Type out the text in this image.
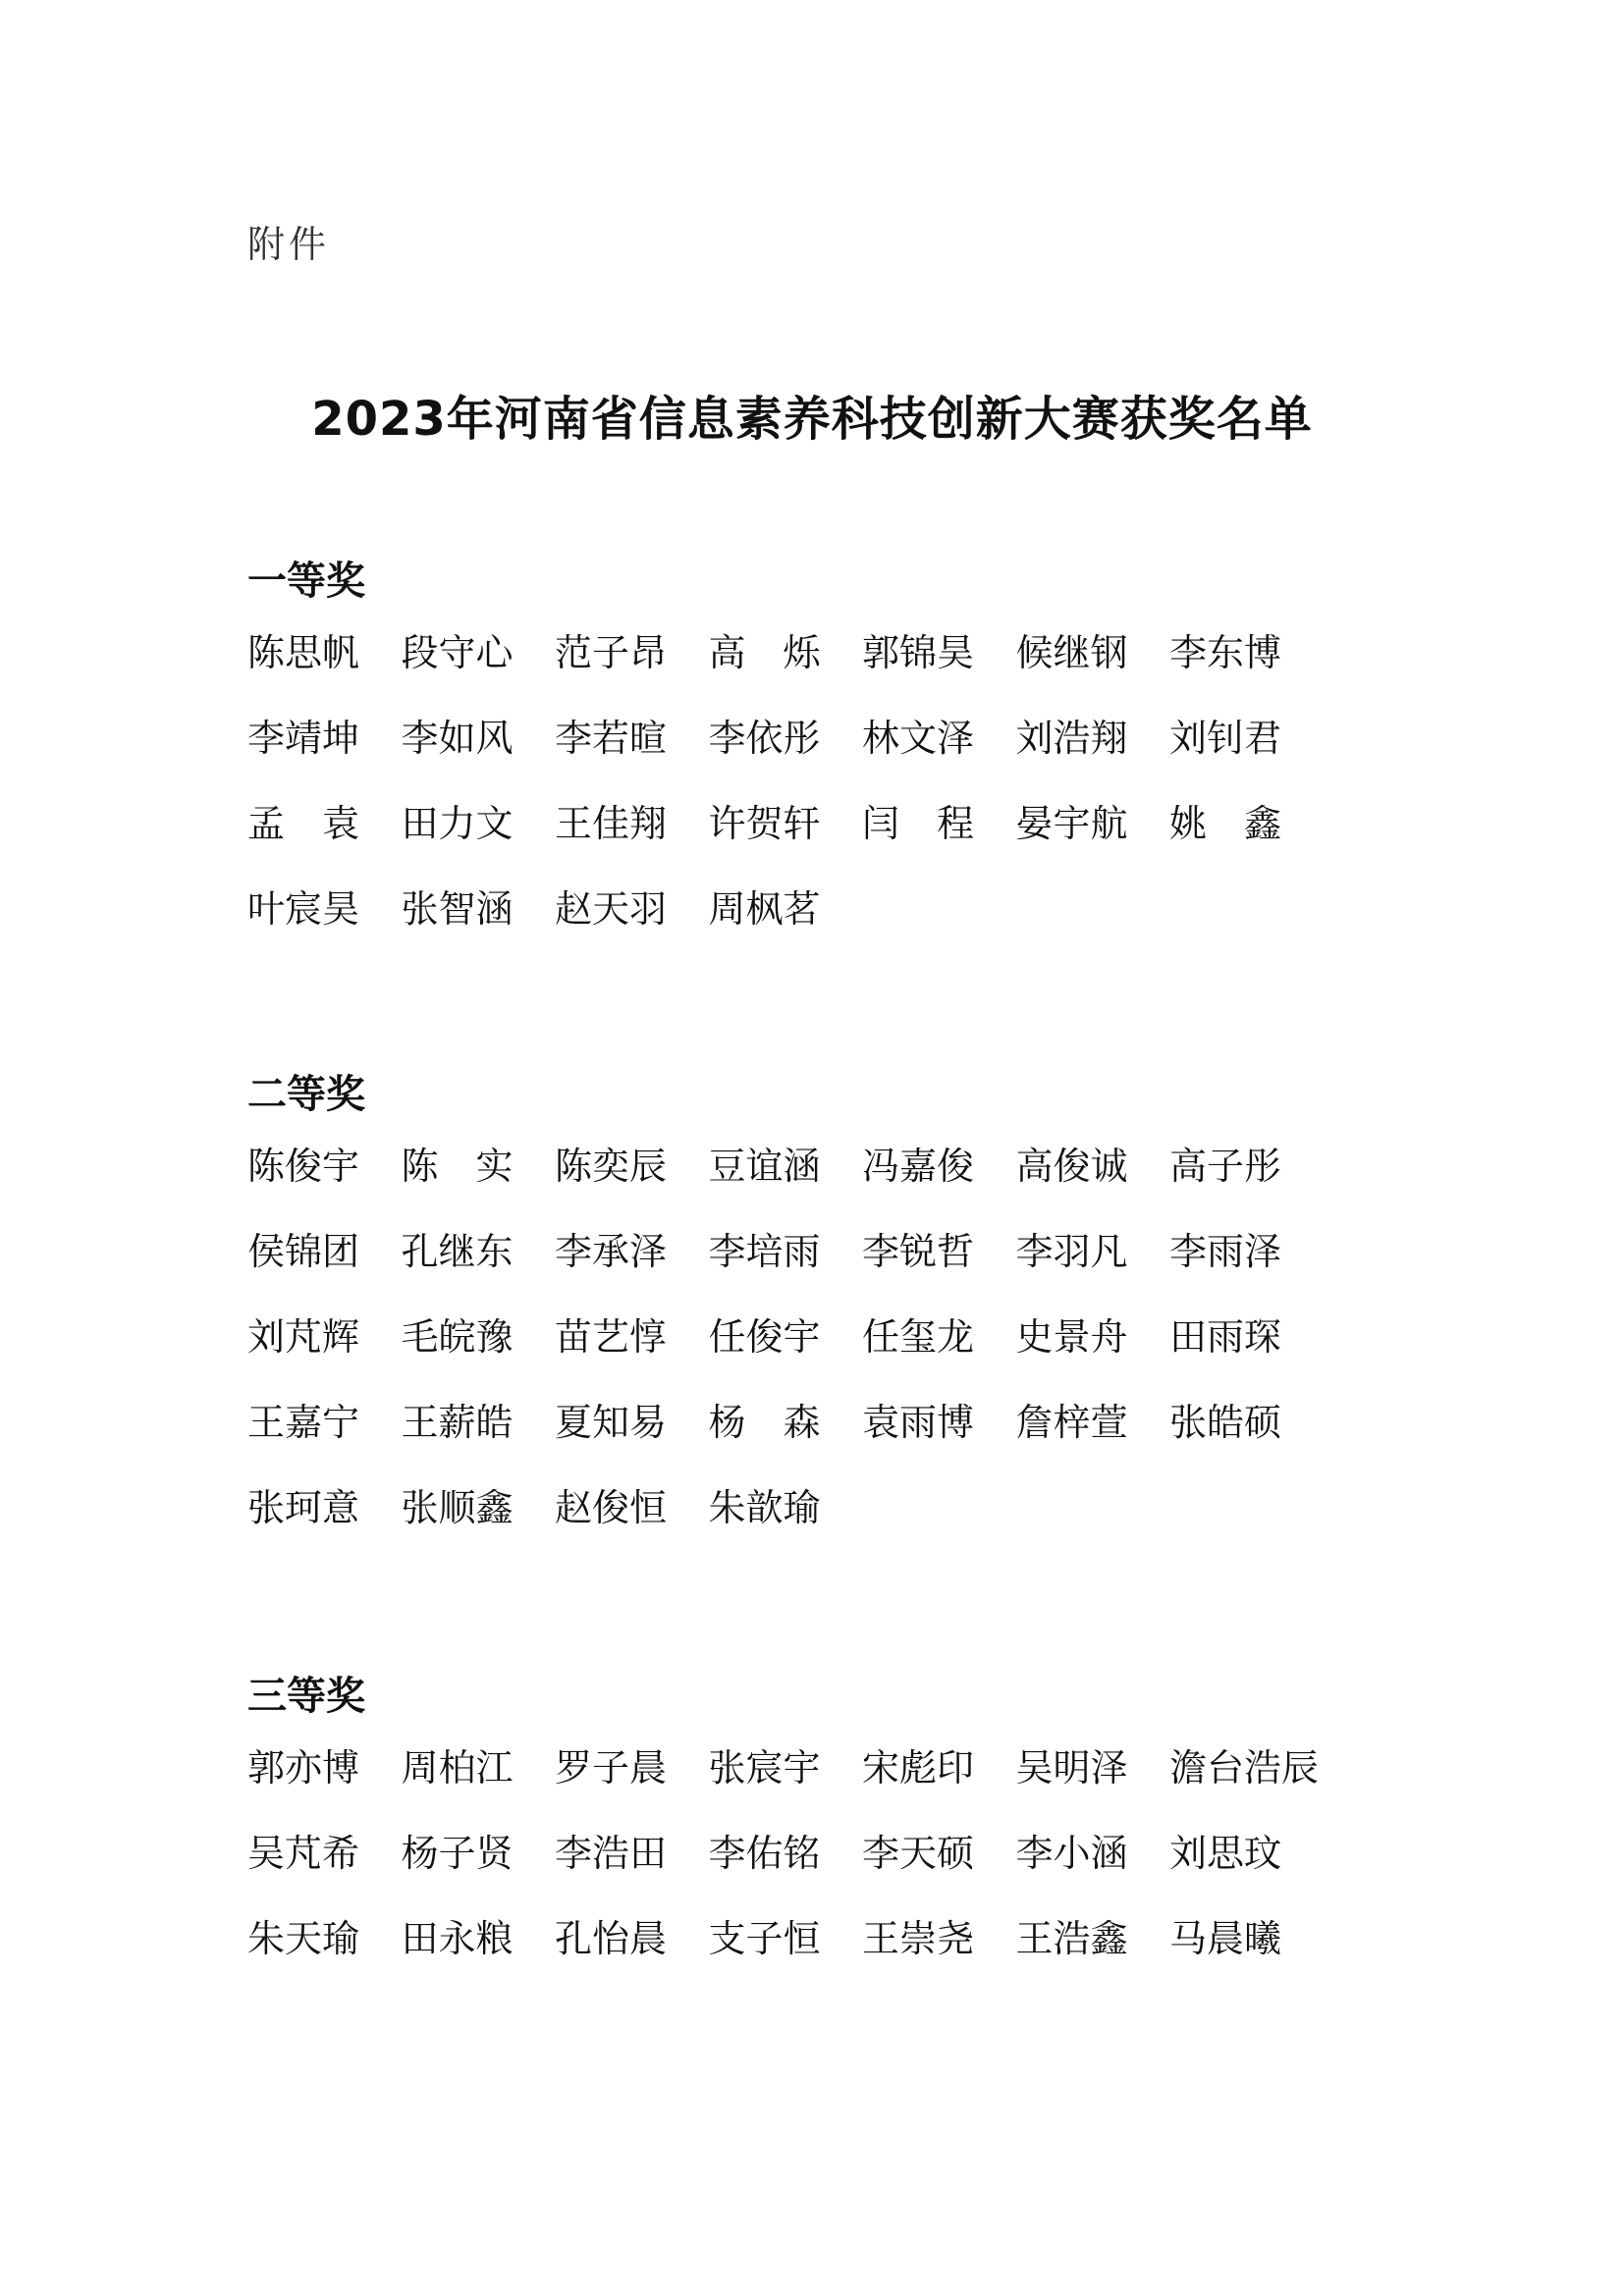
附件
2023年河南省信息素养科技创新大赛获奖名单
一等奖
陈思帆	段守心	范子昂	高　烁	郭锦昊	候继钢	李东博
李靖坤	李如风	李若暄	李依彤	林文泽	刘浩翔	刘钊君
孟　袁	田力文	王佳翔	许贺轩	闫　程	晏宇航	姚　鑫
叶宸昊	张智涵	赵天羽	周枫茗
二等奖
陈俊宇	陈　实	陈奕辰	豆谊涵	冯嘉俊	高俊诚	高子彤
侯锦团	孔继东	李承泽	李培雨	李锐哲	李羽凡	李雨泽
刘芃辉	毛皖豫	苗艺惇	任俊宇	任玺龙	史景舟	田雨琛
王嘉宁	王薪皓	夏知易	杨　森	袁雨博	詹梓萱	张皓硕
张珂意	张顺鑫	赵俊恒	朱歆瑜
三等奖
郭亦博	周柏江	罗子晨	张宸宇	宋彪印	吴明泽	澹台浩辰
吴芃希	杨子贤	李浩田	李佑铭	李天硕	李小涵	刘思玟
朱天瑜	田永粮	孔怡晨	支子恒	王崇尧	王浩鑫	马晨曦
